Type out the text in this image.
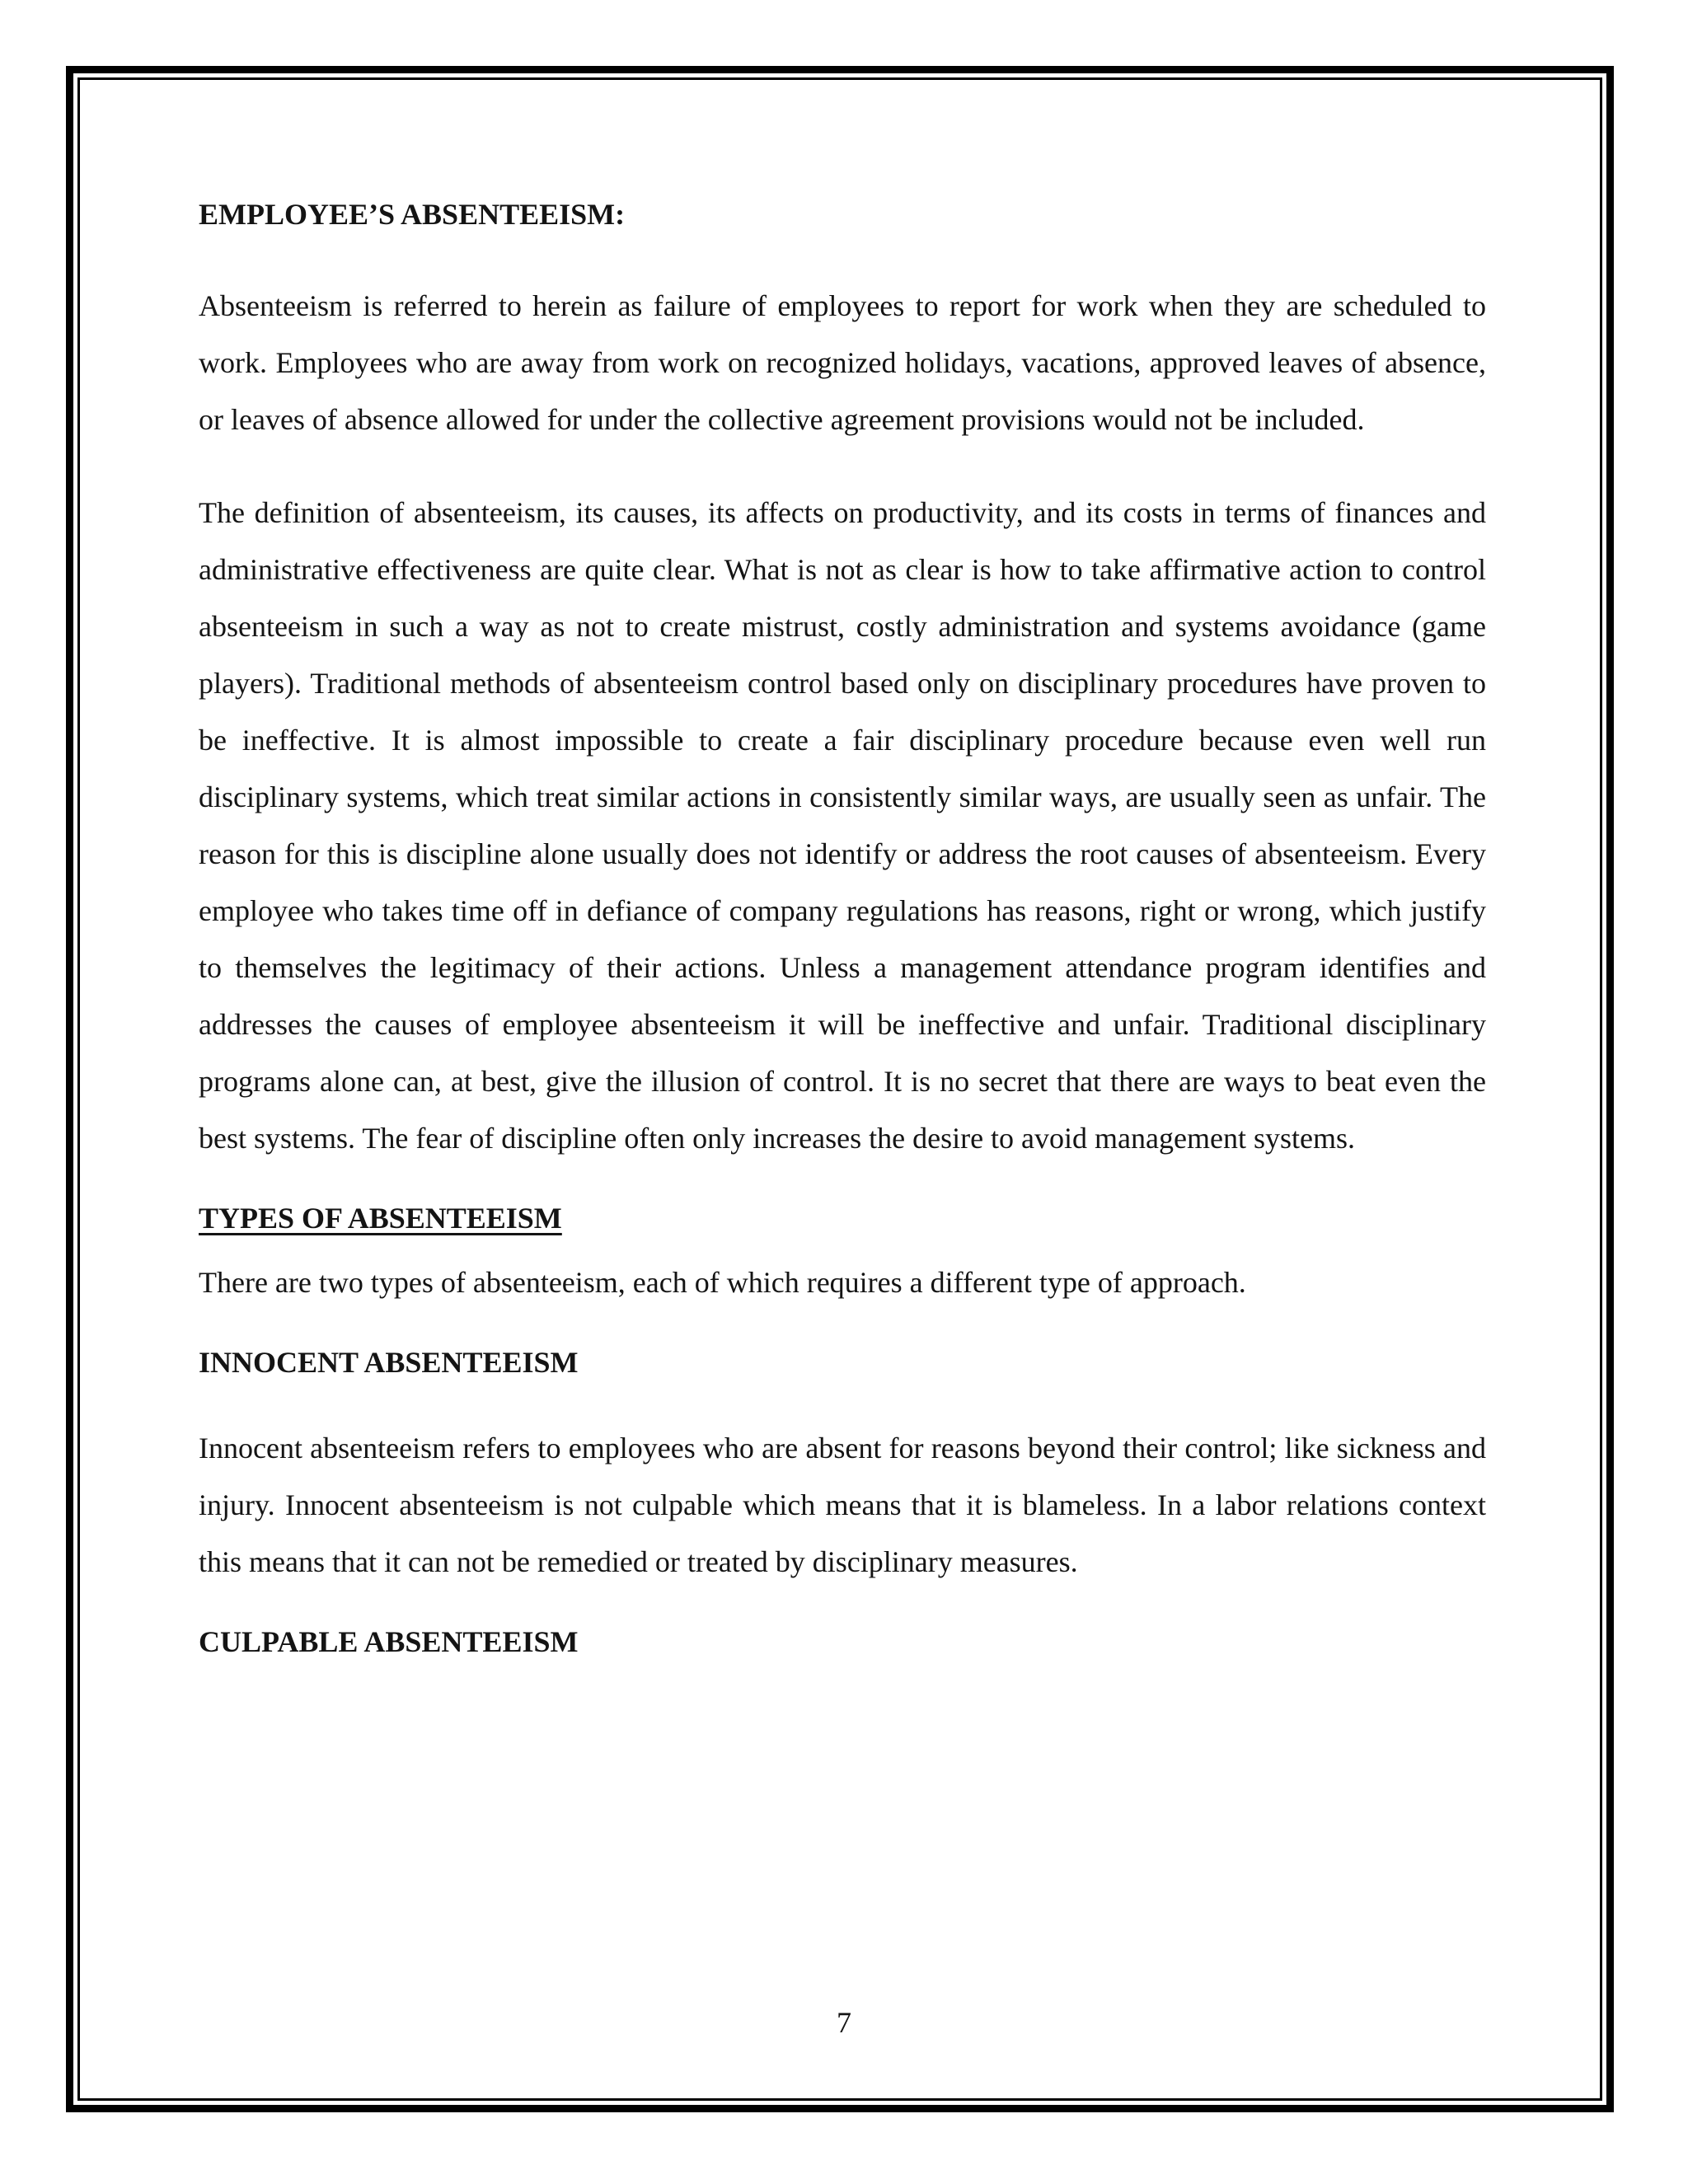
EMPLOYEE’S ABSENTEEISM:

Absenteeism is referred to herein as failure of employees to report for work when they are scheduled to work. Employees who are away from work on recognized holidays, vacations, approved leaves of absence, or leaves of absence allowed for under the collective agreement provisions would not be included.

The definition of absenteeism, its causes, its affects on productivity, and its costs in terms of finances and administrative effectiveness are quite clear. What is not as clear is how to take affirmative action to control absenteeism in such a way as not to create mistrust, costly administration and systems avoidance (game players). Traditional methods of absenteeism control based only on disciplinary procedures have proven to be ineffective. It is almost impossible to create a fair disciplinary procedure because even well run disciplinary systems, which treat similar actions in consistently similar ways, are usually seen as unfair. The reason for this is discipline alone usually does not identify or address the root causes of absenteeism. Every employee who takes time off in defiance of company regulations has reasons, right or wrong, which justify to themselves the legitimacy of their actions. Unless a management attendance program identifies and addresses the causes of employee absenteeism it will be ineffective and unfair. Traditional disciplinary programs alone can, at best, give the illusion of control. It is no secret that there are ways to beat even the best systems. The fear of discipline often only increases the desire to avoid management systems.

TYPES OF ABSENTEEISM

There are two types of absenteeism, each of which requires a different type of approach.

INNOCENT ABSENTEEISM

Innocent absenteeism refers to employees who are absent for reasons beyond their control; like sickness and injury. Innocent absenteeism is not culpable which means that it is blameless. In a labor relations context this means that it can not be remedied or treated by disciplinary measures.

CULPABLE ABSENTEEISM
7
